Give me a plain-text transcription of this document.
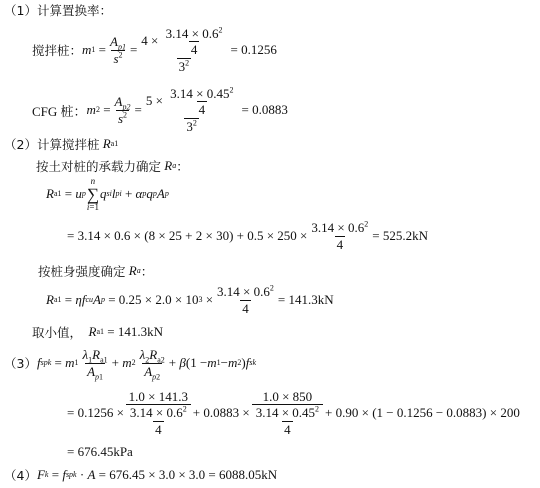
（1）计算置换率：
搅拌桩： m $1 = \frac{A_{p1}}{s^2} = \frac{4 \times \frac{3.14 \times 0.6^2}{4}}{3^2} = 0.1256$
CFG 桩： m $2 = \frac{A_{p2}}{s^2} = \frac{5 \times \frac{3.14 \times 0.45^2}{4}}{3^2} = 0.0883$
（2）计算搅拌桩
R a1
按土对桩的承载力确定
R a ：
R a1 = u p
n
∑
i=1
q si l pi + α p q p A p
= $3.14 \times 0.6 \times (8 \times 25 + 2 \times 30) + 0.5 \times 250 \times \frac{3.14 \times 0.6^2}{4} = 525.2kN$
按桩身强度确定
R a ：
R a1 = η f cu A p
= 0.25 × 2.0 × 10 3
× $\frac{3.14 \times 0.6^2}{4} = 141.3kN$
取小值，
R a1
= 141.3kN
（3） f spk = m $1 \frac{\lambda_1R_{a1}}{A_{p1}} + m$ $2 \frac{\lambda_2R_{a2}}{A_{p2}} + \beta$ (1 − m 1 − m 2 ) f sk
= $0.1256 \times \frac{1.0 \times 141.3}{\frac{3.14 \times 0.6^2}{4}} + 0.0883 \times \frac{1.0 \times 850}{\frac{3.14 \times 0.45^2}{4}} + 0.90 \times (1 - 0.1256 - 0.0883) \times 200$
= 676.45kPa
（4） F k = f spk · A
= 676.45 × 3.0 × 3.0 = 6088.05kN
